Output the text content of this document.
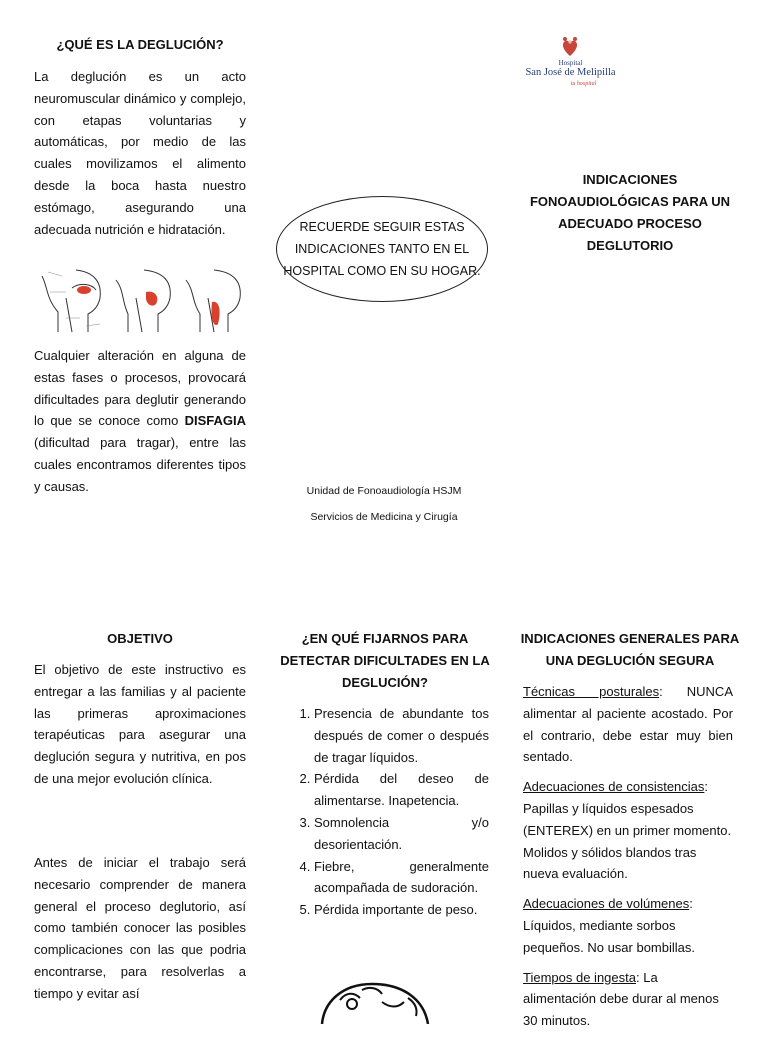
¿QUÉ ES LA DEGLUCIÓN?
La deglución es un acto neuromuscular dinámico y complejo, con etapas voluntarias y automáticas, por medio de las cuales movilizamos el alimento desde la boca hasta nuestro estómago, asegurando una adecuada nutrición e hidratación.
Cualquier alteración en alguna de estas fases o procesos, provocará dificultades para deglutir generando lo que se conoce como DISFAGIA (dificultad para tragar), entre las cuales encontramos diferentes tipos y causas.
RECUERDE SEGUIR ESTAS INDICACIONES TANTO EN EL HOSPITAL COMO EN SU HOGAR.
Unidad de Fonoaudiología HSJM
Servicios de Medicina y Cirugía
Hospital
San José de Melipilla
tu hospital
INDICACIONES FONOAUDIOLÓGICAS PARA UN ADECUADO PROCESO DEGLUTORIO
OBJETIVO
El objetivo de este instructivo es entregar a las familias y al paciente las primeras aproximaciones terapéuticas para asegurar una deglución segura y nutritiva, en pos de una mejor evolución clínica.
Antes de iniciar el trabajo será necesario comprender de manera general el proceso deglutorio, así como también conocer las posibles complicaciones con las que podria encontrarse, para resolverlas a tiempo y evitar así
¿EN QUÉ FIJARNOS PARA DETECTAR DIFICULTADES EN LA DEGLUCIÓN?
1. Presencia de abundante tos después de comer o después de tragar líquidos.
2. Pérdida del deseo de alimentarse. Inapetencia.
3. Somnolencia y/o desorientación.
4. Fiebre, generalmente acompañada de sudoración.
5. Pérdida importante de peso.
INDICACIONES GENERALES PARA UNA DEGLUCIÓN SEGURA

Técnicas posturales: NUNCA alimentar al paciente acostado. Por el contrario, debe estar muy bien sentado.

Adecuaciones de consistencias: Papillas y líquidos espesados (ENTEREX) en un primer momento. Molidos y sólidos blandos tras nueva evaluación.

Adecuaciones de volúmenes: Líquidos, mediante sorbos pequeños. No usar bombillas.

Tiempos de ingesta: La alimentación debe durar al menos 30 minutos.
